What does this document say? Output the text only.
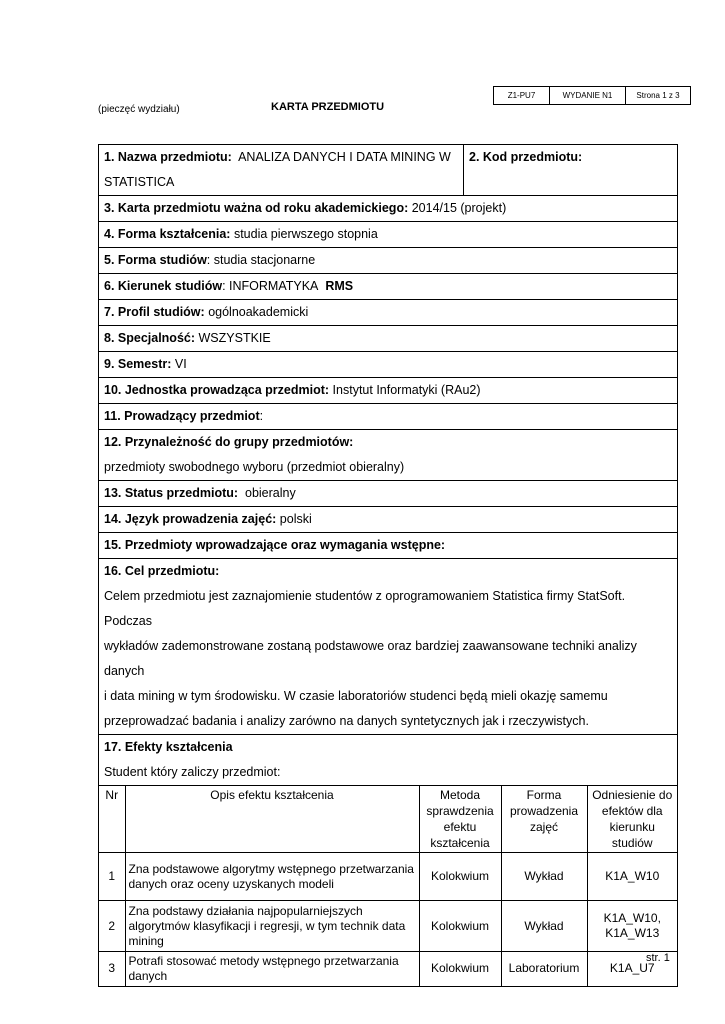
Z1-PU7	WYDANIE N1	Strona 1 z 3
(pieczęć wydziału)	KARTA PRZEDMIOTU
1. Nazwa przedmiotu: ANALIZA DANYCH I DATA MINING W
STATISTICA
2. Kod przedmiotu:
3. Karta przedmiotu ważna od roku akademickiego: 2014/15 (projekt)
4. Forma kształcenia: studia pierwszego stopnia
5. Forma studiów: studia stacjonarne
6. Kierunek studiów: INFORMATYKA RMS
7. Profil studiów: ogólnoakademicki
8. Specjalność: WSZYSTKIE
9. Semestr: VI
10. Jednostka prowadząca przedmiot: Instytut Informatyki (RAu2)
11. Prowadzący przedmiot:
12. Przynależność do grupy przedmiotów:
przedmioty swobodnego wyboru (przedmiot obieralny)
13. Status przedmiotu: obieralny
14. Język prowadzenia zajęć: polski
15. Przedmioty wprowadzające oraz wymagania wstępne:
16. Cel przedmiotu:
Celem przedmiotu jest zaznajomienie studentów z oprogramowaniem Statistica firmy StatSoft. Podczas
wykładów zademonstrowane zostaną podstawowe oraz bardziej zaawansowane techniki analizy danych
i data mining w tym środowisku. W czasie laboratoriów studenci będą mieli okazję samemu
przeprowadzać badania i analizy zarówno na danych syntetycznych jak i rzeczywistych.
17. Efekty kształcenia
Student który zaliczy przedmiot:
Nr	Opis efektu kształcenia	Metoda sprawdzenia efektu kształcenia	Forma prowadzenia zajęć	Odniesienie do efektów dla kierunku studiów
1	Zna podstawowe algorytmy wstępnego przetwarzania danych oraz oceny uzyskanych modeli	Kolokwium	Wykład	K1A_W10
2	Zna podstawy działania najpopularniejszych algorytmów klasyfikacji i regresji, w tym technik data mining	Kolokwium	Wykład	K1A_W10, K1A_W13
3	Potrafi stosować metody wstępnego przetwarzania danych	Kolokwium	Laboratorium	K1A_U7
str. 1
